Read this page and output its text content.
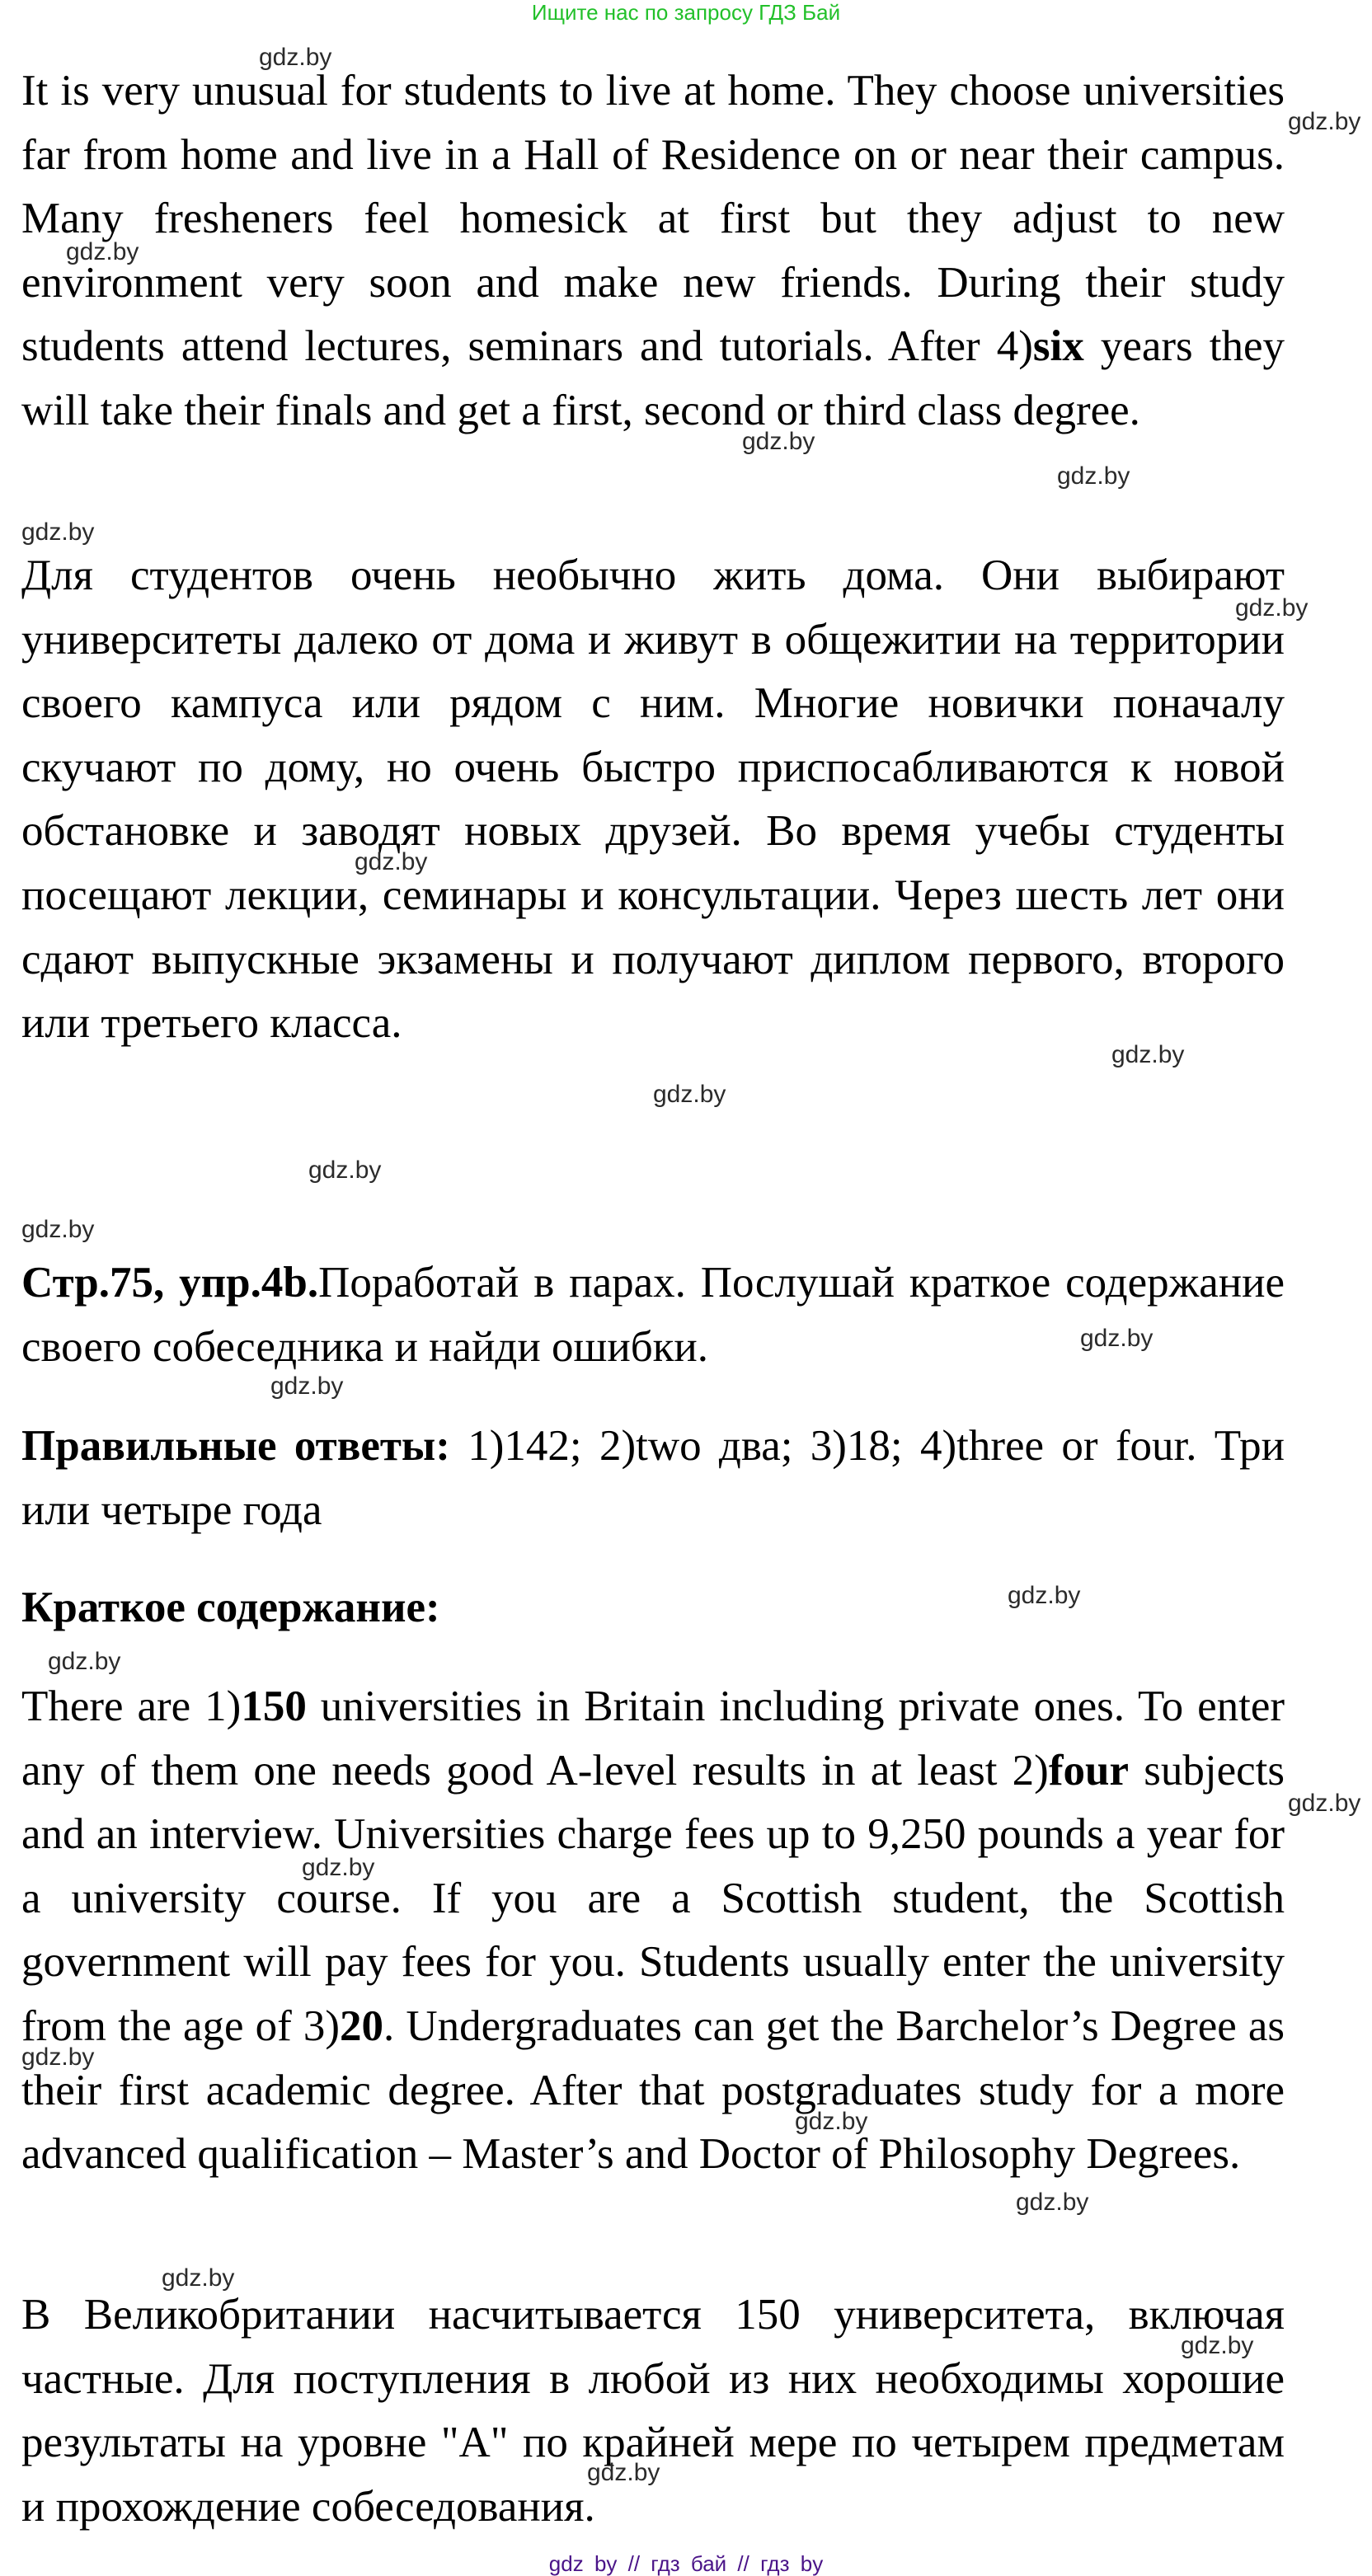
Ищите нас по запросу ГДЗ Бай

It is very unusual for students to live at home. They choose universities far from home and live in a Hall of Residence on or near their campus. Many fresheners feel homesick at first but they adjust to new environment very soon and make new friends. During their study students attend lectures, seminars and tutorials. After 4)six years they will take their finals and get a first, second or third class degree.

Для студентов очень необычно жить дома. Они выбирают университеты далеко от дома и живут в общежитии на территории своего кампуса или рядом с ним. Многие новички поначалу скучают по дому, но очень быстро приспосабливаются к новой обстановке и заводят новых друзей. Во время учебы студенты посещают лекции, семинары и консультации. Через шесть лет они сдают выпускные экзамены и получают диплом первого, второго или третьего класса.

Стр.75, упр.4b.Поработай в парах. Послушай краткое содержание своего собеседника и найди ошибки.

Правильные ответы: 1)142; 2)two два; 3)18; 4)three or four. Три или четыре года

Краткое содержание:

There are 1)150 universities in Britain including private ones. To enter any of them one needs good A-level results in at least 2)four subjects and an interview. Universities charge fees up to 9,250 pounds a year for a university course. If you are a Scottish student, the Scottish government will pay fees for you. Students usually enter the university from the age of 3)20. Undergraduates can get the Barchelor’s Degree as their first academic degree. After that postgraduates study for a more advanced qualification – Master’s and Doctor of Philosophy Degrees.

В Великобритании насчитывается 150 университета, включая частные. Для поступления в любой из них необходимы хорошие результаты на уровне "А" по крайней мере по четырем предметам и прохождение собеседования.

gdz.by
gdz.by
gdz.by
gdz.by
gdz.by
gdz.by
gdz.by
gdz.by
gdz.by
gdz.by
gdz.by
gdz.by
gdz.by
gdz.by
gdz.by
gdz.by
gdz.by
gdz.by
gdz.by
gdz.by
gdz.by
gdz.by
gdz.by
gdz.by
gdz by // гдз бай // гдз by
